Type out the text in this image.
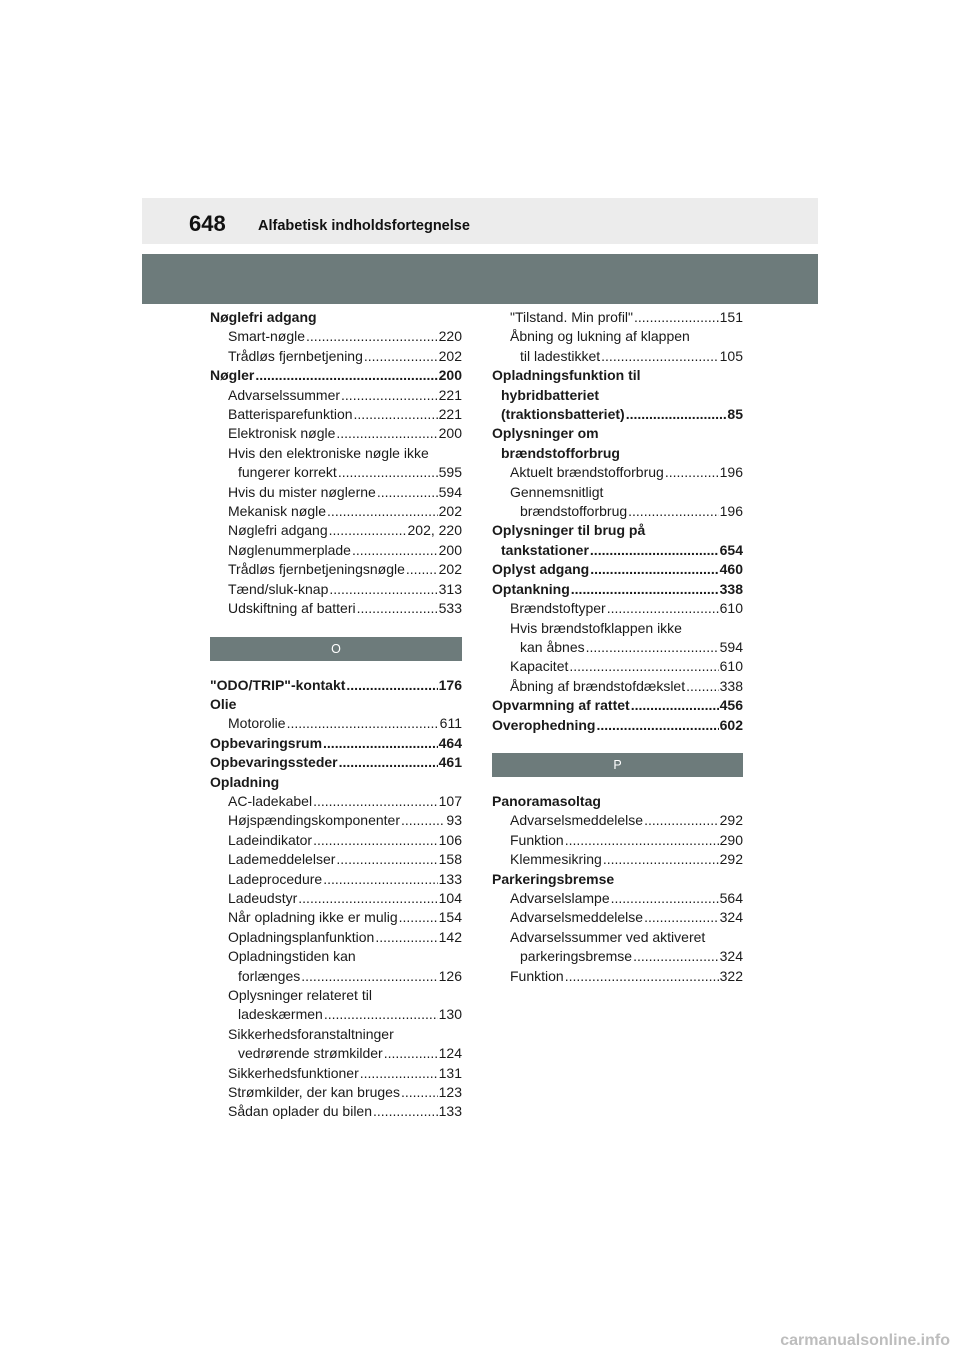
648 Alfabetisk indholdsfortegnelse
Nøglefri adgang
Smart-nøgle .....	220
Trådløs fjernbetjening .....	202
Nøgler .....	200
Advarselssummer .....	221
Batterisparefunktion .....	221
Elektronisk nøgle .....	200
Hvis den elektroniske nøgle ikke
fungerer korrekt .....	595
Hvis du mister nøglerne .....	594
Mekanisk nøgle .....	202
Nøglefri adgang .....	202, 220
Nøglenummerplade .....	200
Trådløs fjernbetjeningsnøgle ..... 202
Tænd/sluk-knap .....	313
Udskiftning af batteri .....	533
O
"ODO/TRIP"-kontakt .....	176
Olie
Motorolie .....	611
Opbevaringsrum .....	464
Opbevaringssteder .....	461
Opladning
AC-ladekabel .....	107
Højspændingskomponenter .....	93
Ladeindikator .....	106
Lademeddelelser .....	158
Ladeprocedure .....	133
Ladeudstyr .....	104
Når opladning ikke er mulig .....	154
Opladningsplanfunktion .....	142
Opladningstiden kan
forlænges .....	126
Oplysninger relateret til
ladeskærmen .....	130
Sikkerhedsforanstaltninger
vedrørende strømkilder .....	124
Sikkerhedsfunktioner .....	131
Strømkilder, der kan bruges .....	123
Sådan oplader du bilen .....	133
"Tilstand. Min profil" .....	151
Åbning og lukning af klappen
til ladestikket .....	105
Opladningsfunktion til
hybridbatteriet
(traktionsbatteriet) .....	85
Oplysninger om
brændstofforbrug
Aktuelt brændstofforbrug .....	196
Gennemsnitligt
brændstofforbrug .....	196
Oplysninger til brug på
tankstationer .....	654
Oplyst adgang .....	460
Optankning .....	338
Brændstoftyper .....	610
Hvis brændstofklappen ikke
kan åbnes .....	594
Kapacitet .....	610
Åbning af brændstofdækslet ..... 338
Opvarmning af rattet .....	456
Overophedning .....	602
P
Panoramasoltag
Advarselsmeddelelse .....	292
Funktion .....	290
Klemmesikring .....	292
Parkeringsbremse
Advarselslampe .....	564
Advarselsmeddelelse .....	324
Advarselssummer ved aktiveret
parkeringsbremse .....	324
Funktion .....	322
carmanualsonline.info
